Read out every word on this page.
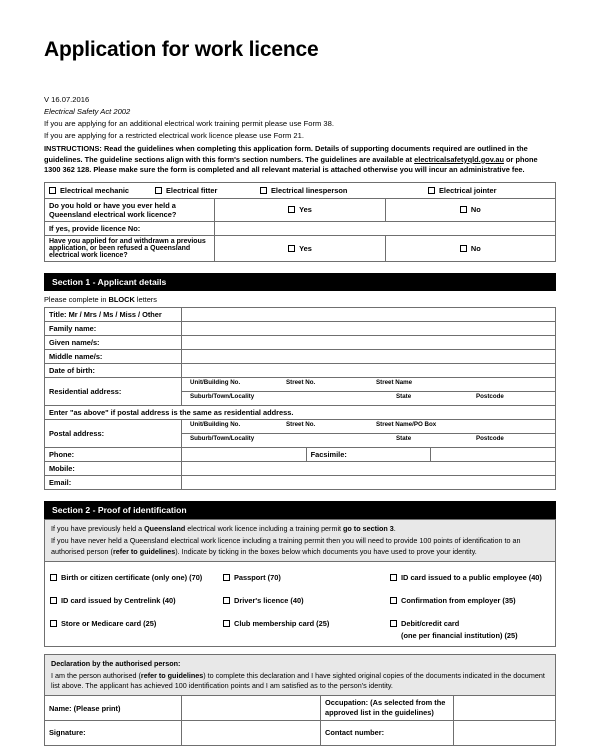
Application for work licence
V 16.07.2016
Electrical Safety Act 2002
If you are applying for an additional electrical work training permit please use Form 38.
If you are applying for a restricted electrical work licence please use Form 21.
INSTRUCTIONS: Read the guidelines when completing this application form. Details of supporting documents required are outlined in the guidelines. The guideline sections align with this form's section numbers. The guidelines are available at electricalsafetyqld.gov.au or phone 1300 362 128. Please make sure the form is completed and all relevant material is attached otherwise you will incur an administrative fee.
Electrical mechanic Electrical fitter Electrical linesperson Electrical jointer		

Do you hold or have you ever held a Queensland electrical work licence?	Yes	No
If yes, provide licence No:		
Have you applied for and withdrawn a previous application, or been refused a Queensland electrical work licence?	Yes	No
Section 1 - Applicant details
Please complete in BLOCK letters
Title: Mr / Mrs / Ms / Miss / Other			

Family name:			

Given name/s:			

Middle name/s:			

Date of birth:			

Residential address:	Unit/Building No. Street No. Street Name		

	Suburb/Town/Locality State Postcode		

Enter "as above" if postal address is the same as residential address.			
Postal address:	Unit/Building No. Street No. Street Name/PO Box		

	Suburb/Town/Locality State Postcode		

Phone:		Facsimile:	
Mobile:			

Email:			
Section 2 - Proof of identification

If you have previously held a Queensland electrical work licence including a training permit go to section 3.

If you have never held a Queensland electrical work licence including a training permit then you will need to provide 100 points of identification to an authorised person (refer to guidelines). Indicate by ticking in the boxes below which documents you have used to prove your identity.

Birth or citizen certificate (only one) (70)	Passport (70)	ID card issued to a public employee (40)
ID card issued by Centrelink (40)	Driver's licence (40)	Confirmation from employer (35)
Store or Medicare card (25)	Club membership card (25)	Debit/credit card
(one per financial institution) (25)

Declaration by the authorised person:

I am the person authorised (refer to guidelines) to complete this declaration and I have sighted original copies of the documents indicated in the document list above. The applicant has achieved 100 identification points and I am satisfied as to the person's identity.

Name: (Please print)		Occupation: (As selected from the
approved list in the guidelines)	
Signature:		Contact number:	
